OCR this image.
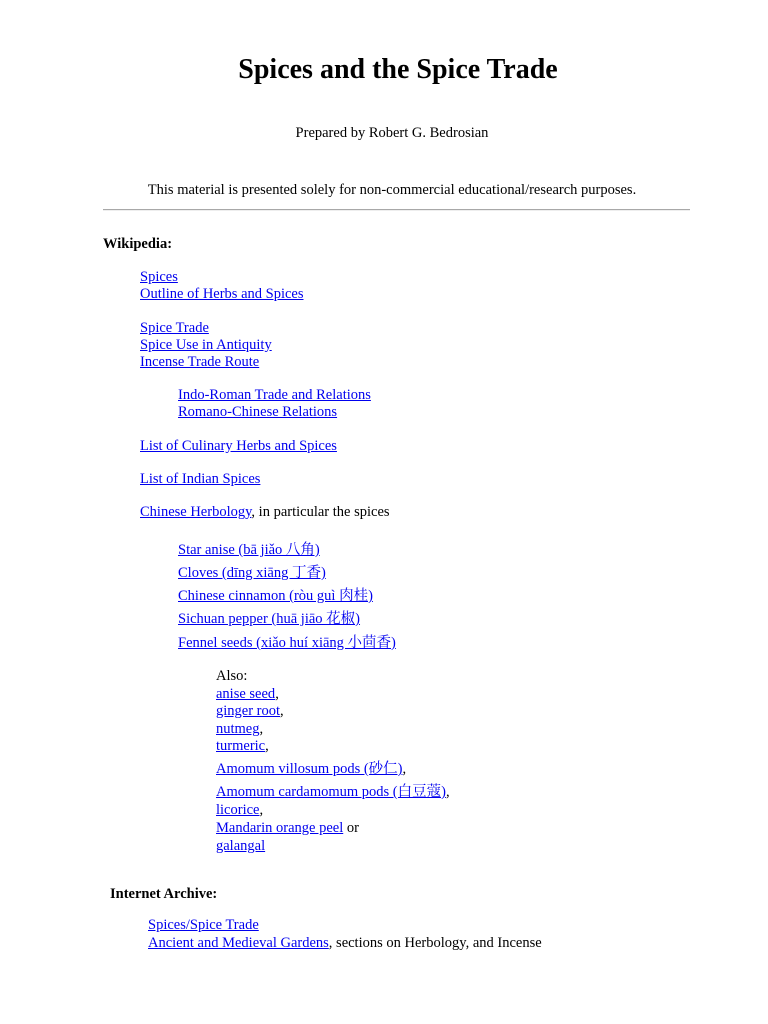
Spices and the Spice Trade
Prepared by Robert G. Bedrosian
This material is presented solely for non-commercial educational/research purposes.
Wikipedia:
Spices
Outline of Herbs and Spices
Spice Trade
Spice Use in Antiquity
Incense Trade Route
Indo-Roman Trade and Relations
Romano-Chinese Relations
List of Culinary Herbs and Spices
List of Indian Spices
Chinese Herbology, in particular the spices
Star anise (bā jiǎo 八角)
Cloves (dīng xiāng 丁香)
Chinese cinnamon (ròu guì 肉桂)
Sichuan pepper (huā jiāo 花椒)
Fennel seeds (xiǎo huí xiāng 小茴香)
Also:
anise seed,
ginger root,
nutmeg,
turmeric,
Amomum villosum pods (砂仁),
Amomum cardamomum pods (白豆蔻),
licorice,
Mandarin orange peel or
galangal
Internet Archive:
Spices/Spice Trade
Ancient and Medieval Gardens, sections on Herbology, and Incense
